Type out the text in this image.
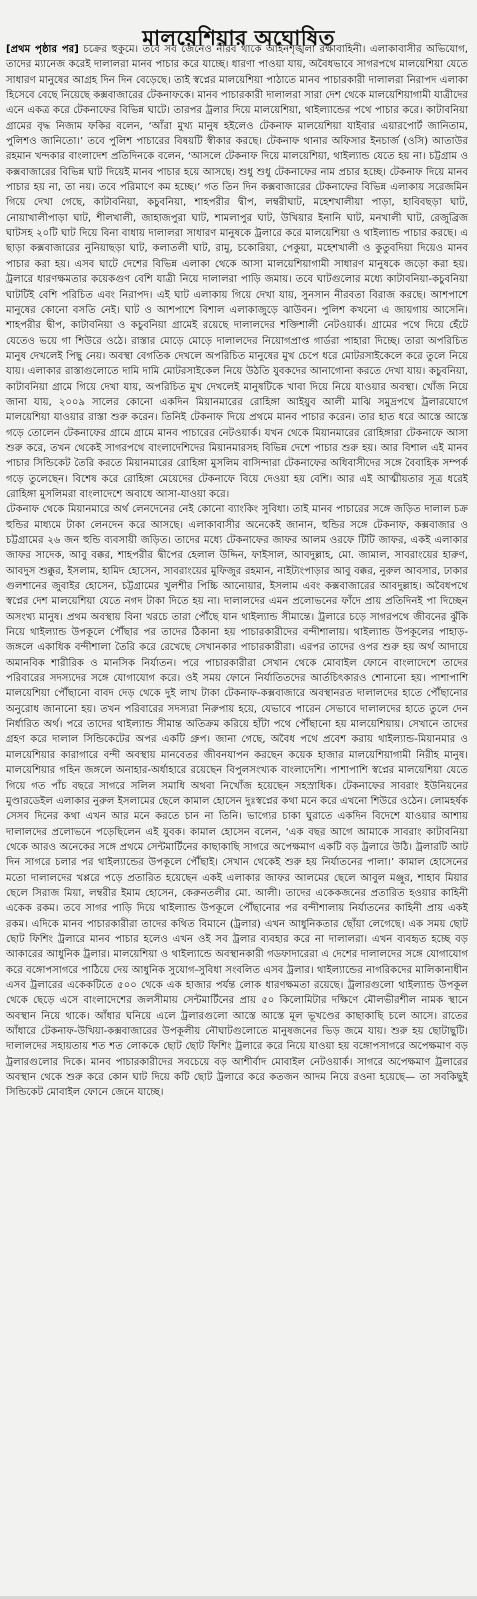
মালয়েশিয়ার অঘোষিত

[প্রথম পৃষ্ঠার পর] চক্রের হুকুমে। তবে সব জেনেও নীরব থাকে আইনশৃঙ্খলা রক্ষাবাহিনী। এলাকাবাসীর অভিযোগ, তাদের ম্যানেজ করেই দালালরা মানব পাচার করে যাচ্ছে। ধারণা পাওয়া যায়, অবৈধভাবে সাগরপথে মালয়েশিয়া যেতে সাধারণ মানুষের আগ্রহ দিন দিন বেড়েছে। তাই স্বপ্নের মালয়েশিয়া পাঠাতে মানব পাচারকারী দালালরা নিরাপদ এলাকা হিসেবে বেছে নিয়েছে কক্সবাজারের টেকনাফকে। মানব পাচারকারী দালালরা সারা দেশ থেকে মালয়েশিয়াগামী যাত্রীদের এনে একত্র করে টেকনাফের বিভিন্ন ঘাটে। তারপর ট্রলার দিয়ে মালয়েশিয়া, থাইল্যান্ডের পথে পাচার করে। কাটাবনিয়া গ্রামের বৃদ্ধ নিজাম ফকির বলেন, ‘আঁরা মুখ্য মানুষ হইলেও টেকনাফ মালয়েশিয়া যাইবার এয়ারপোর্ট জানিতাম, পুলিশও জানিতো।’ তবে পুলিশ পাচারের বিষয়টি স্বীকার করছে। টেকনাফ থানার অফিসার ইনচার্জ (ওসি) আতাউর রহমান খন্দকার বাংলাদেশ প্রতিদিনকে বলেন, ‘আসলে টেকনাফ দিয়ে মালয়েশিয়া, থাইল্যান্ড যেতে হয় না। চট্টগ্রাম ও কক্সবাজারের বিভিন্ন ঘাট দিয়েই মানব পাচার হয়ে আসছে। শুধু শুধু টেকনাফের নাম প্রচার হচ্ছে। টেকনাফ দিয়ে মানব পাচার হয় না, তা নয়। তবে পরিমাণে কম হচ্ছে।’ গত তিন দিন কক্সবাজারের টেকনাফের বিভিন্ন এলাকায় সরেজমিন গিয়ে দেখা গেছে, কাটাবনিয়া, কচুবনিয়া, শাহপরীর দ্বীপ, লম্বরীঘাট, মহেশখালীয়া পাড়া, হাবিবছড়া ঘাট, নোয়াখালীপাড়া ঘাট, শীলখালী, জাহাজপুরা ঘাট, শামলাপুর ঘাট, উখিয়ার ইনানি ঘাট, মনখালী ঘাট, রেজুব্রিজ ঘাটসহ ২০টি ঘাট দিয়ে বিনা বাধায় দালালরা সাধারণ মানুষকে ট্রলারে করে মালয়েশিয়া ও থাইল্যান্ড পাচার করছে। এ ছাড়া কক্সবাজারের নুনিয়াছড়া ঘাট, কলাতলী ঘাট, রামু, চকোরিয়া, পেকুয়া, মহেশখালী ও কুতুবদিয়া দিয়েও মানব পাচার করা হয়। এসব ঘাটে দেশের বিভিন্ন এলাকা থেকে আসা মালয়েশিয়াগামী সাধারণ মানুষকে জড়ো করা হয়। ট্রলারে ধারণক্ষমতার কয়েকগুণ বেশি যাত্রী নিয়ে দালালরা পাড়ি জমায়। তবে ঘাটগুলোর মধ্যে কাটাবনিয়া-কচুবনিয়া ঘাটটিই বেশি পরিচিত এবং নিরাপদ। এই ঘাট এলাকায় গিয়ে দেখা যায়, সুনসান নীরবতা বিরাজ করছে। আশপাশে মানুষের কোনো বসতি নেই। ঘাট ও আশপাশে বিশাল এলাকাজুড়ে ঝাউবন। পুলিশ কখনো এ জায়গায় আসেনি। শাহপরীর দ্বীপ, কাটাবনিয়া ও কচুবনিয়া গ্রামেই রয়েছে দালালদের শক্তিশালী নেটওয়ার্ক। গ্রামের পথে দিয়ে হেঁটে যেতেও ভয়ে গা শিউরে ওঠে। রাস্তার মোড়ে মোড়ে দালালদের নিয়োগপ্রাপ্ত গার্ডরা পাহারা দিচ্ছে। তারা অপরিচিত মানুষ দেখলেই পিছু নেয়। অবস্থা বেগতিক দেখলে অপরিচিত মানুষের মুখ চেপে ধরে মোটরসাইকেলে করে তুলে নিয়ে যায়। এলাকার রাস্তাগুলোতে দামি দামি মোটরসাইকেল নিয়ে উঠতি যুবকদের আনাগোনা করতে দেখা যায়। কচুবনিয়া, কাটাবনিয়া গ্রামে গিয়ে দেখা যায়, অপরিচিত মুখ দেখলেই মানুষটিকে খাবা দিয়ে নিয়ে যাওয়ার অবস্থা। খোঁজ নিয়ে জানা যায়, ২০০৯ সালের কোনো একদিন মিয়ানমারের রোহিঙ্গা আইয়ুব আলী মাঝি সমুদ্রপথে ট্রলারযোগে মালয়েশিয়া যাওয়ার রাস্তা শুরু করেন। তিনিই টেকনাফ দিয়ে প্রথমে মানব পাচার করেন। তার হাত ধরে আস্তে আস্তে গড়ে তোলেন টেকনাফের গ্রামে গ্রামে মানব পাচারের নেটওয়ার্ক। যখন থেকে মিয়ানমারের রোহিঙ্গারা টেকনাফে আসা শুরু করে, তখন থেকেই সাগরপথে বাংলাদেশিদের মিয়ানমারসহ বিভিন্ন দেশে পাচার শুরু হয়। আর বিশাল এই মানব পাচার সিন্ডিকেট তৈরি করতে মিয়ানমারের রোহিঙ্গা মুসলিম বাসিন্দারা টেকনাফের অধিবাসীদের সঙ্গে বৈবাহিক সম্পর্ক গড়ে তুলেছেন। বিশেষ করে রোহিঙ্গা মেয়েদের টেকনাফে বিয়ে দেওয়া হয় বেশি। আর এই আত্মীয়তার সূত্র ধরেই রোহিঙ্গা মুসলিমরা বাংলাদেশে অবাধে আসা-যাওয়া করে।

টেকনাফ থেকে মিয়ানমারে অর্থ লেনদেনের নেই কোনো ব্যাংকিং সুবিধা। তাই মানব পাচারের সঙ্গে জড়িত দালাল চক্র হুন্ডির মাধ্যমে টাকা লেনদেন করে আসছে। এলাকাবাসীর অনেকেই জানান, হুন্ডির সঙ্গে টেকনাফ, কক্সবাজার ও চট্টগ্রামের ২৬ জন হুন্ডি ব্যবসায়ী জড়িত। তাদের মধ্যে টেকনাফের জাফর আলম ওরফে টিটি জাফর, একই এলাকার জাফর সাদেক, আবু বক্কর, শাহপরীর দ্বীপের হেলাল উদ্দিন, ফাইসাল, আবদুল্লাহ, মো. জামাল, সাবরাংয়ের হারুণ, আবদুস শুক্কুর, ইসলাম, হামিদ হোসেন, সাবরাংয়ের মুফিজুর রহমান, নাইট্যংপাড়ার আবু বক্কর, নুরুল আবসার, ঢাকার গুলশানের জুবাইর হোসেন, চট্টগ্রামের খুলশীর পিচ্চি আনোয়ার, ইসলাম এবং কক্সবাজারের আবদুল্লাহ। অবৈধপথে স্বপ্নের দেশ মালয়েশিয়া যেতে নগদ টাকা দিতে হয় না। দালালদের এমন প্রলোভনের ফাঁদে প্রায় প্রতিদিনই পা দিচ্ছেন অসংখ্য মানুষ। প্রথম অবস্থায় বিনা খরচে তারা পৌঁছে যান থাইল্যান্ড সীমান্তে। ট্রলারে চড়ে সাগরপথে জীবনের ঝুঁকি নিয়ে থাইল্যান্ড উপকূলে পৌঁছার পর তাদের ঠিকানা হয় পাচারকারীদের বন্দীশালায়। থাইল্যান্ড উপকূলের পাহাড়-জঙ্গলে একাধিক বন্দীশালা তৈরি করে রেখেছে সেখানকার পাচারকারীরা। এরপর তাদের ওপর শুরু হয় অর্থ আদায়ে অমানবিক শারীরিক ও মানসিক নির্যাতন। পরে পাচারকারীরা সেখান থেকে মোবাইল ফোনে বাংলাদেশে তাদের পরিবারের সদস্যদের সঙ্গে যোগাযোগ করে। ওই সময় ফোনে নির্যাতিতদের আর্তচিৎকারও শোনানো হয়। পাশাপাশি মালয়েশিয়া পৌঁছানো বাবদ দেড় থেকে দুই লাখ টাকা টেকনাফ-কক্সবাজারে অবস্থানরত দালালদের হাতে পৌঁছানোর অনুরোধ জানানো হয়। তখন পরিবারের সদস্যরা নিরুপায় হয়ে, যেভাবে পারেন সেভাবে দালালদের হাতে তুলে দেন নির্ধারিত অর্থ। পরে তাদের থাইল্যান্ড সীমান্ত অতিক্রম করিয়ে হাঁটা পথে পৌঁছানো হয় মালয়েশিয়ায়। সেখানে তাদের গ্রহণ করে দালাল সিন্ডিকেটের অপর একটি গ্রুপ। জানা গেছে, অবৈধ পথে প্রবেশ করায় থাইল্যান্ড-মিয়ানমার ও মালয়েশিয়ার কারাগারে বন্দী অবস্থায় মানবেতর জীবনযাপন করছেন কয়েক হাজার মালয়েশিয়াগামী নিরীহ মানুষ। মালয়েশিয়ার গহিন জঙ্গলে অনাহার-অর্ধাহারে রয়েছেন বিপুলসংখ্যক বাংলাদেশি। পাশাপাশি স্বপ্নের মালয়েশিয়া যেতে গিয়ে গত পাঁচ বছরে সাগরে সলিল সমাধি অথবা নিখোঁজ হয়েছেন সহস্রাধিক। টেকনাফের সাবরাং ইউনিয়নের মুণ্ডারডেইল এলাকার নুরুল ইসলামের ছেলে কামাল হোসেন দুঃস্বপ্নের কথা মনে করে এখনো শিউরে ওঠেন। লোমহর্ষক সেসব দিনের কথা এখন আর মনে করতে চান না তিনি। ভাগ্যের চাকা ঘুরাতে একদিন বিদেশে যাওয়ার আশায় দালালদের প্রলোভনে পড়েছিলেন এই যুবক। কামাল হোসেন বলেন, ‘এক বছর আগে আমাকে সাবরাং কাটাবনিয়া থেকে আরও অনেকের সঙ্গে প্রথমে সেন্টমার্টিনের কাছাকাছি সাগরে অপেক্ষমাণ একটি বড় ট্রলারে উঠি। ট্রলারটি আট দিন সাগরে চলার পর থাইল্যান্ডের উপকূলে পৌঁছাই। সেখান থেকেই শুরু হয় নির্যাতনের পালা।’ কামাল হোসেনের মতো দালালদের খপ্পরে পড়ে প্রতারিত হয়েছেন একই এলাকার জাফর আলমের ছেলে আবুল মঞ্জুর, শাহাব মিয়ার ছেলে সিরাজ মিয়া, লম্বরীর ইমাম হোসেন, কেরুনতলীর মো. আলী। তাদের একেকজনের প্রতারিত হওয়ার কাহিনী একেক রকম। তবে সাগর পাড়ি দিয়ে থাইল্যান্ড উপকূলে পৌঁছানোর পর বন্দীশালায় নির্যাতনের কাহিনী প্রায় একই রকম। এদিকে মানব পাচারকারীরা তাদের কথিত বিমানে (ট্রলার) এখন আধুনিকতার ছোঁয়া লেগেছে। এক সময় ছোট ছোট ফিশিং ট্রলারে মানব পাচার হলেও এখন ওই সব ট্রলার ব্যবহার করে না দালালরা। এখন ব্যবহৃত হচ্ছে বড় আকারের আধুনিক ট্রলার। মালয়েশিয়া ও থাইল্যান্ডে অবস্থানকারী গডফাদারেরা এ দেশের দালালদের সঙ্গে যোগাযোগ করে বঙ্গোপসাগরে পাঠিয়ে দেয় আধুনিক সুযোগ-সুবিধা সংবলিত এসব ট্রলার। থাইল্যান্ডের নাগরিকদের মালিকানাধীন এসব ট্রলারের একেকটিতে ৫০০ থেকে এক হাজার পর্যন্ত লোক ধারণক্ষমতা রয়েছে। ট্রলারগুলো থাইল্যান্ড উপকূল থেকে ছেড়ে এসে বাংলাদেশের জলসীমায় সেন্টমার্টিনের প্রায় ৫০ কিলোমিটার দক্ষিণে মৌলভীরশীল নামক স্থানে অবস্থান নিয়ে থাকে। আঁধার ঘনিয়ে এলে ট্রলারগুলো আস্তে আস্তে মূল ভূখণ্ডের কাছাকাছি চলে আসে। রাতের আঁধারে টেকনাফ-উখিয়া-কক্সবাজারের উপকূলীয় নৌঘাটগুলোতে মানুষজনের ভিড় জমে যায়। শুরু হয় ছোটাছুটি। দালালদের সহায়তায় শত শত লোককে ছোট ছোট ফিশিং ট্রলারে করে নিয়ে যাওয়া হয় বঙ্গোপসাগরে অপেক্ষমাণ বড় ট্রলারগুলোর দিকে। মানব পাচারকারীদের সবচেয়ে বড় আশীর্বাদ মোবাইল নেটওয়ার্ক। সাগরে অপেক্ষমাণ ট্রলারের অবস্থান থেকে শুরু করে কোন ঘাট দিয়ে কটি ছোট ট্রলারে করে কতজন আদম নিয়ে রওনা হয়েছে— তা সবকিছুই সিন্ডিকেট মোবাইল ফোনে জেনে যাচ্ছে।
